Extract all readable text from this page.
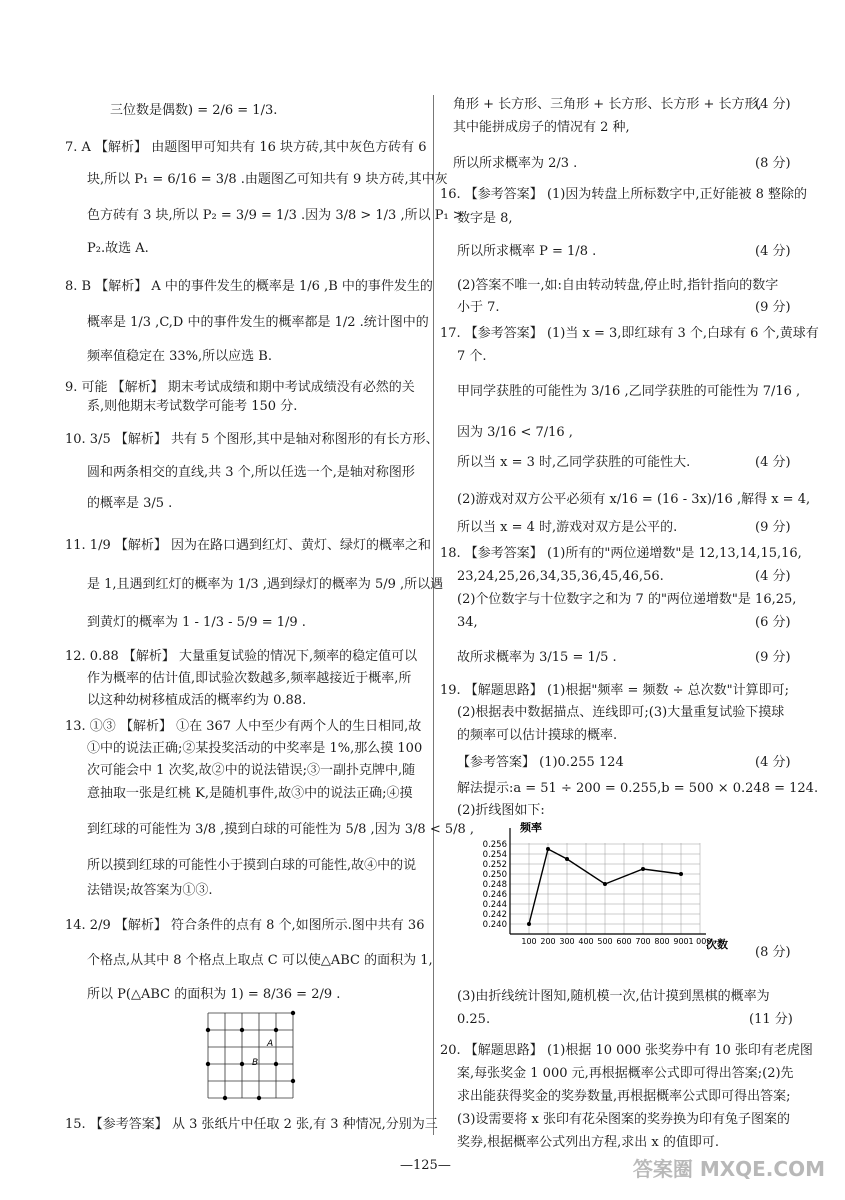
三位数是偶数) = 2/6 = 1/3.
7. A 【解析】 由题图甲可知共有 16 块方砖,其中灰色方砖有 6
块,所以 P₁ = 6/16 = 3/8 .由题图乙可知共有 9 块方砖,其中灰
色方砖有 3 块,所以 P₂ = 3/9 = 1/3 .因为 3/8 > 1/3 ,所以 P₁ >
P₂.故选 A.
8. B 【解析】 A 中的事件发生的概率是 1/6 ,B 中的事件发生的
概率是 1/3 ,C,D 中的事件发生的概率都是 1/2 .统计图中的
频率值稳定在 33%,所以应选 B.
9. 可能 【解析】 期末考试成绩和期中考试成绩没有必然的关
系,则他期末考试数学可能考 150 分.
10. 3/5 【解析】 共有 5 个图形,其中是轴对称图形的有长方形、
圆和两条相交的直线,共 3 个,所以任选一个,是轴对称图形
的概率是 3/5 .
11. 1/9 【解析】 因为在路口遇到红灯、黄灯、绿灯的概率之和
是 1,且遇到红灯的概率为 1/3 ,遇到绿灯的概率为 5/9 ,所以遇
到黄灯的概率为 1 - 1/3 - 5/9 = 1/9 .
12. 0.88 【解析】 大量重复试验的情况下,频率的稳定值可以
作为概率的估计值,即试验次数越多,频率越接近于概率,所
以这种幼树移植成活的概率约为 0.88.
13. ①③ 【解析】 ①在 367 人中至少有两个人的生日相同,故
①中的说法正确;②某投奖活动的中奖率是 1%,那么摸 100
次可能会中 1 次奖,故②中的说法错误;③一副扑克牌中,随
意抽取一张是红桃 K,是随机事件,故③中的说法正确;④摸
到红球的可能性为 3/8 ,摸到白球的可能性为 5/8 ,因为 3/8 < 5/8 ,
所以摸到红球的可能性小于摸到白球的可能性,故④中的说
法错误;故答案为①③.
14. 2/9 【解析】 符合条件的点有 8 个,如图所示.图中共有 36
个格点,从其中 8 个格点上取点 C 可以使△ABC 的面积为 1,
所以 P(△ABC 的面积为 1) = 8/36 = 2/9 .
15. 【参考答案】 从 3 张纸片中任取 2 张,有 3 种情况,分别为三
角形 + 长方形、三角形 + 长方形、长方形 + 长方形,
其中能拼成房子的情况有 2 种,
所以所求概率为 2/3 .
16. 【参考答案】 (1)因为转盘上所标数字中,正好能被 8 整除的
数字是 8,
所以所求概率 P = 1/8 .
(2)答案不唯一,如:自由转动转盘,停止时,指针指向的数字
小于 7.
17. 【参考答案】 (1)当 x = 3,即红球有 3 个,白球有 6 个,黄球有
7 个.
甲同学获胜的可能性为 3/16 ,乙同学获胜的可能性为 7/16 ,
因为 3/16 < 7/16 ,
所以当 x = 3 时,乙同学获胜的可能性大.
(2)游戏对双方公平必须有 x/16 = (16 - 3x)/16 ,解得 x = 4,
所以当 x = 4 时,游戏对双方是公平的.
18. 【参考答案】 (1)所有的"两位递增数"是 12,13,14,15,16,
23,24,25,26,34,35,36,45,46,56.
(2)个位数字与十位数字之和为 7 的"两位递增数"是 16,25,
34,
故所求概率为 3/15 = 1/5 .
19. 【解题思路】 (1)根据"频率 = 频数 ÷ 总次数"计算即可;
(2)根据表中数据描点、连线即可;(3)大量重复试验下摸球
的频率可以估计摸球的概率.
【参考答案】 (1)0.255 124
解法提示:a = 51 ÷ 200 = 0.255,b = 500 × 0.248 = 124.
(2)折线图如下:
(3)由折线统计图知,随机模一次,估计摸到黑棋的概率为
0.25.
20. 【解题思路】 (1)根据 10 000 张奖券中有 10 张印有老虎图
案,每张奖金 1 000 元,再根据概率公式即可得出答案;(2)先
求出能获得奖金的奖券数量,再根据概率公式即可得出答案;
(3)设需要将 x 张印有花朵图案的奖券换为印有兔子图案的
奖券,根据概率公式列出方程,求出 x 的值即可.
(4 分)
(8 分)
(4 分)
(9 分)
(4 分)
(9 分)
(4 分)
(6 分)
(9 分)
(4 分)
(8 分)
(11 分)
100 200 300 400 500 600 700 800 900 1 000
0.240
0.242
0.244
0.246
0.248
0.250
0.252
0.254
0.256
频率
次数
A
B
—125—	答案圈 MXQE.COM
